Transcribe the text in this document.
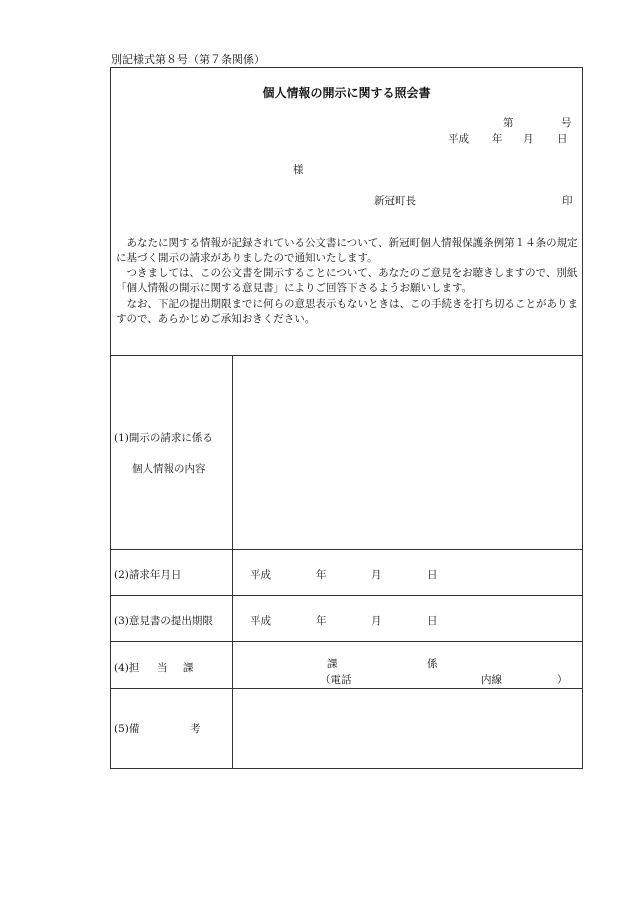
別記様式第８号（第７条関係）
個人情報の開示に関する照会書
第	号
平成 年 月 日
様
新冠町長	印
　あなたに関する情報が記録されている公文書について、新冠町個人情報保護条例第１４条の規定に基づく開示の請求がありましたので通知いたします。
　つきましては、この公文書を開示することについて、あなたのご意見をお聴きしますので、別紙「個人情報の開示に関する意見書」によりご回答下さるようお願いします。
　なお、下記の提出期限までに何らの意思表示もないときは、この手続きを打ち切ることがありますので、あらかじめご承知おきください。
(1)開示の請求に係る
個人情報の内容
(2)請求年月日	平成	年	月	日
(3)意見書の提出期限	平成	年	月	日
(4)担 当 課	課	係
（電話	内線	）
(5)備	考
